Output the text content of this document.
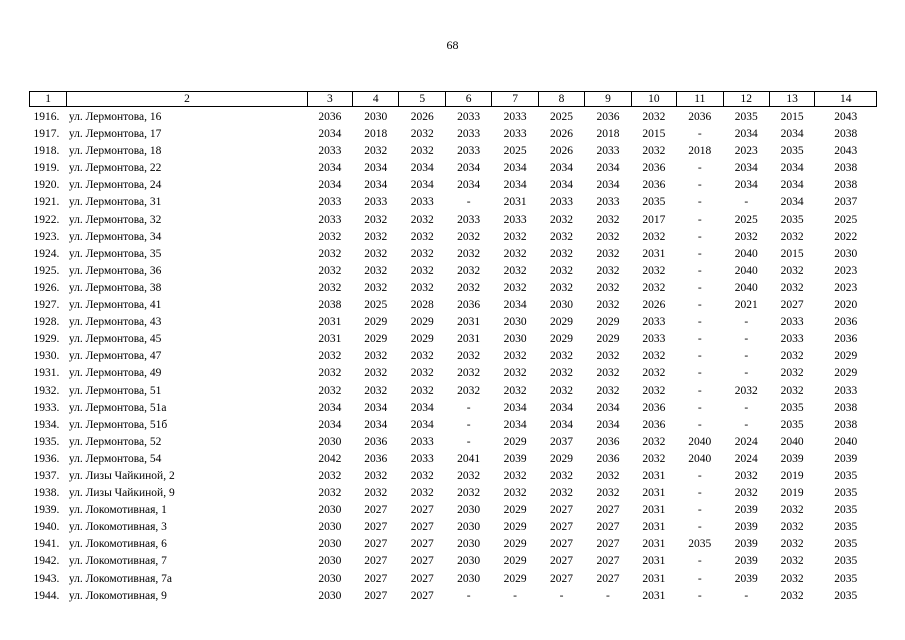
68
1	2	3	4	5	6	7	8	9	10	11	12	13	14
1916.	ул. Лермонтова, 16	2036	2030	2026	2033	2033	2025	2036	2032	2036	2035	2015	2043
1917.	ул. Лермонтова, 17	2034	2018	2032	2033	2033	2026	2018	2015	-	2034	2034	2038
1918.	ул. Лермонтова, 18	2033	2032	2032	2033	2025	2026	2033	2032	2018	2023	2035	2043
1919.	ул. Лермонтова, 22	2034	2034	2034	2034	2034	2034	2034	2036	-	2034	2034	2038
1920.	ул. Лермонтова, 24	2034	2034	2034	2034	2034	2034	2034	2036	-	2034	2034	2038
1921.	ул. Лермонтова, 31	2033	2033	2033	-	2031	2033	2033	2035	-	-	2034	2037
1922.	ул. Лермонтова, 32	2033	2032	2032	2033	2033	2032	2032	2017	-	2025	2035	2025
1923.	ул. Лермонтова, 34	2032	2032	2032	2032	2032	2032	2032	2032	-	2032	2032	2022
1924.	ул. Лермонтова, 35	2032	2032	2032	2032	2032	2032	2032	2031	-	2040	2015	2030
1925.	ул. Лермонтова, 36	2032	2032	2032	2032	2032	2032	2032	2032	-	2040	2032	2023
1926.	ул. Лермонтова, 38	2032	2032	2032	2032	2032	2032	2032	2032	-	2040	2032	2023
1927.	ул. Лермонтова, 41	2038	2025	2028	2036	2034	2030	2032	2026	-	2021	2027	2020
1928.	ул. Лермонтова, 43	2031	2029	2029	2031	2030	2029	2029	2033	-	-	2033	2036
1929.	ул. Лермонтова, 45	2031	2029	2029	2031	2030	2029	2029	2033	-	-	2033	2036
1930.	ул. Лермонтова, 47	2032	2032	2032	2032	2032	2032	2032	2032	-	-	2032	2029
1931.	ул. Лермонтова, 49	2032	2032	2032	2032	2032	2032	2032	2032	-	-	2032	2029
1932.	ул. Лермонтова, 51	2032	2032	2032	2032	2032	2032	2032	2032	-	2032	2032	2033
1933.	ул. Лермонтова, 51а	2034	2034	2034	-	2034	2034	2034	2036	-	-	2035	2038
1934.	ул. Лермонтова, 51б	2034	2034	2034	-	2034	2034	2034	2036	-	-	2035	2038
1935.	ул. Лермонтова, 52	2030	2036	2033	-	2029	2037	2036	2032	2040	2024	2040	2040
1936.	ул. Лермонтова, 54	2042	2036	2033	2041	2039	2029	2036	2032	2040	2024	2039	2039
1937.	ул. Лизы Чайкиной, 2	2032	2032	2032	2032	2032	2032	2032	2031	-	2032	2019	2035
1938.	ул. Лизы Чайкиной, 9	2032	2032	2032	2032	2032	2032	2032	2031	-	2032	2019	2035
1939.	ул. Локомотивная, 1	2030	2027	2027	2030	2029	2027	2027	2031	-	2039	2032	2035
1940.	ул. Локомотивная, 3	2030	2027	2027	2030	2029	2027	2027	2031	-	2039	2032	2035
1941.	ул. Локомотивная, 6	2030	2027	2027	2030	2029	2027	2027	2031	2035	2039	2032	2035
1942.	ул. Локомотивная, 7	2030	2027	2027	2030	2029	2027	2027	2031	-	2039	2032	2035
1943.	ул. Локомотивная, 7а	2030	2027	2027	2030	2029	2027	2027	2031	-	2039	2032	2035
1944.	ул. Локомотивная, 9	2030	2027	2027	-	-	-	-	2031	-	-	2032	2035
